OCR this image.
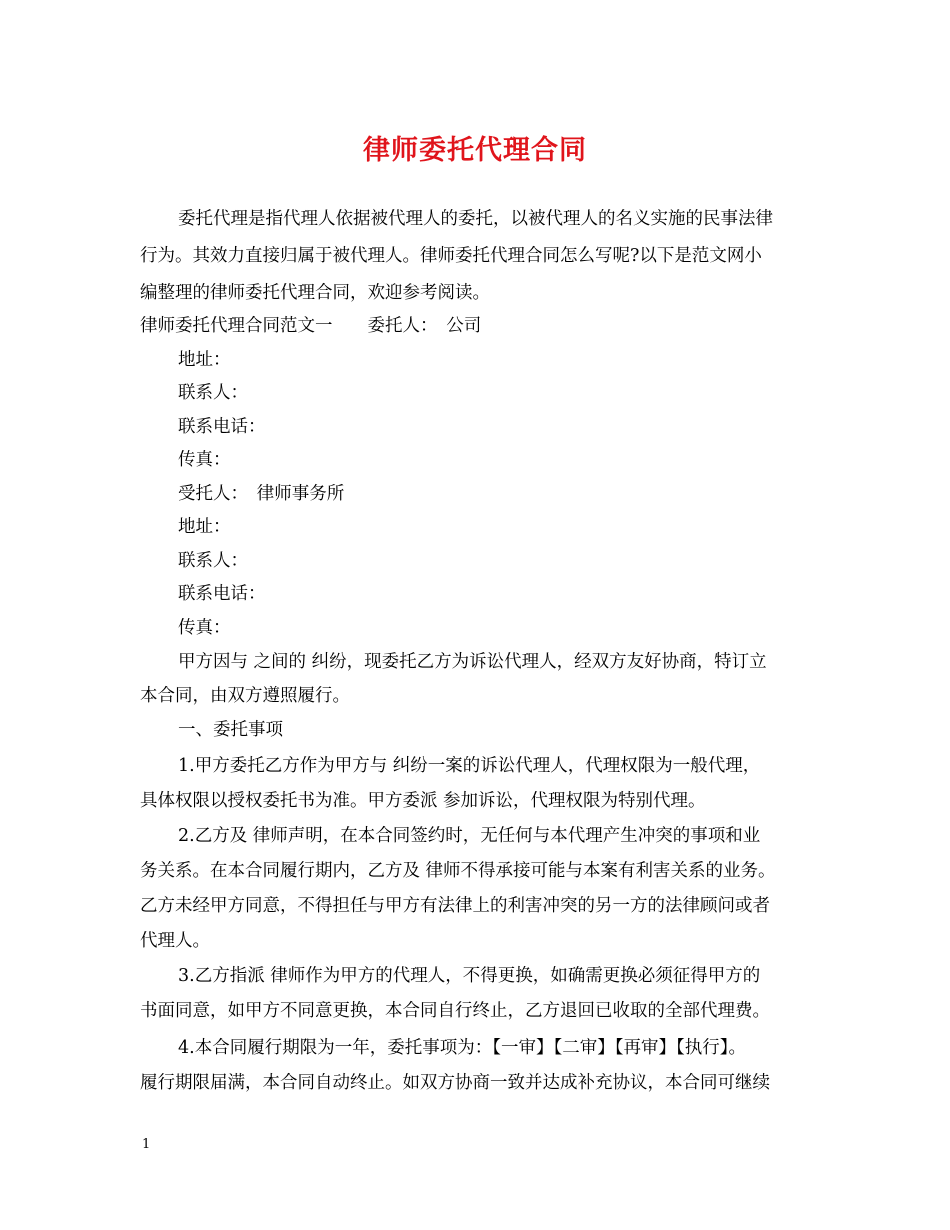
律师委托代理合同
委托代理是指代理人依据被代理人的委托，以被代理人的名义实施的民事法律
行为。其效力直接归属于被代理人。律师委托代理合同怎么写呢?以下是范文网小
编整理的律师委托代理合同，欢迎参考阅读。
律师委托代理合同范文一　　委托人：　公司
地址：
联系人：
联系电话：
传真：
受托人：　律师事务所
地址：
联系人：
联系电话：
传真：
甲方因与 之间的 纠纷，现委托乙方为诉讼代理人，经双方友好协商，特订立
本合同，由双方遵照履行。
一、委托事项
1.甲方委托乙方作为甲方与 纠纷一案的诉讼代理人，代理权限为一般代理，
具体权限以授权委托书为准。甲方委派 参加诉讼，代理权限为特别代理。
2.乙方及 律师声明，在本合同签约时，无任何与本代理产生冲突的事项和业
务关系。在本合同履行期内，乙方及 律师不得承接可能与本案有利害关系的业务。
乙方未经甲方同意，不得担任与甲方有法律上的利害冲突的另一方的法律顾问或者
代理人。
3.乙方指派 律师作为甲方的代理人，不得更换，如确需更换必须征得甲方的
书面同意，如甲方不同意更换，本合同自行终止，乙方退回已收取的全部代理费。
4.本合同履行期限为一年，委托事项为：【一审】【二审】【再审】【执行】。
履行期限届满，本合同自动终止。如双方协商一致并达成补充协议，本合同可继续
1
